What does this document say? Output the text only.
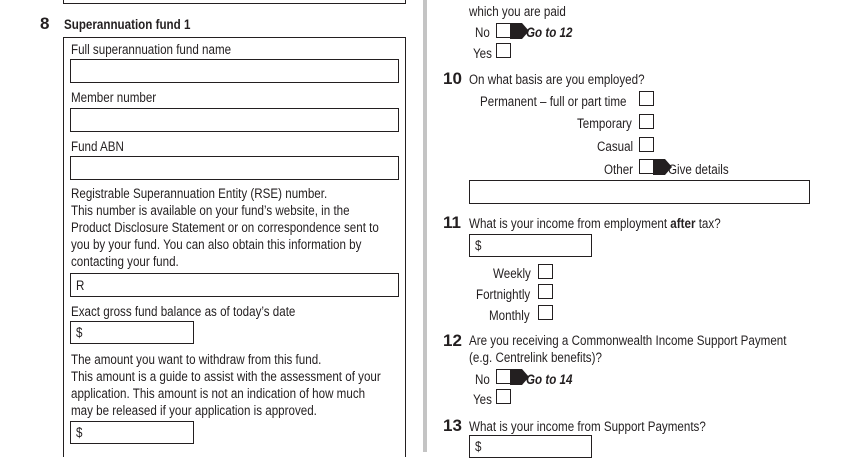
8 Superannuation fund 1
Full superannuation fund name
Member number
Fund ABN
Registrable Superannuation Entity (RSE) number.
This number is available on your fund’s website, in the
Product Disclosure Statement or on correspondence sent to
you by your fund. You can also obtain this information by
contacting your fund.
R
Exact gross fund balance as of today’s date
$
The amount you want to withdraw from this fund.
This amount is a guide to assist with the assessment of your
application. This amount is not an indication of how much
may be released if your application is approved.
$
which you are paid
No	Go to 12
Yes
10 On what basis are you employed?
Permanent – full or part time
Temporary
Casual
Other	Give details
11 What is your income from employment after tax?
$
Weekly
Fortnightly
Monthly
12 Are you receiving a Commonwealth Income Support Payment
(e.g. Centrelink benefits)?
No	Go to 14
Yes
13 What is your income from Support Payments?
$
